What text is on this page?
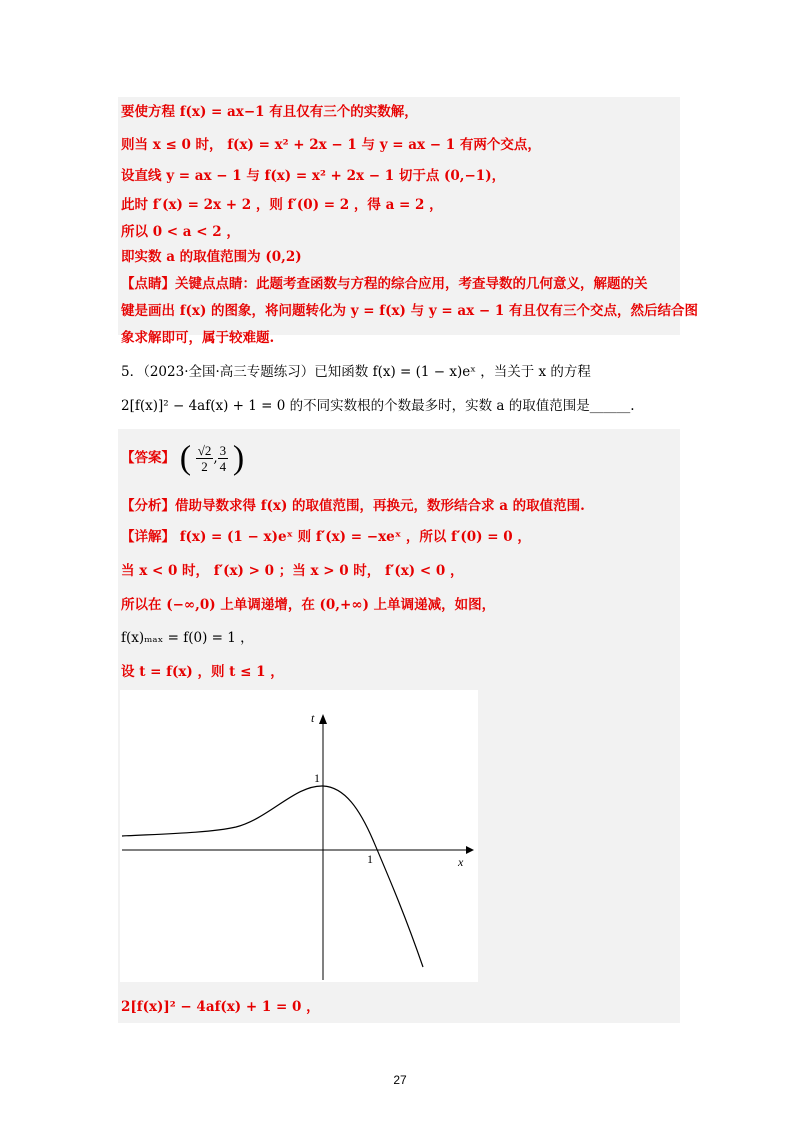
要使方程 f(x) = ax−1 有且仅有三个的实数解，
则当 x ≤ 0 时， f(x) = x² + 2x − 1 与 y = ax − 1 有两个交点，
设直线 y = ax − 1 与 f(x) = x² + 2x − 1 切于点 (0,−1)，
此时 f′(x) = 2x + 2 ，则 f′(0) = 2 ，得 a = 2 ，
所以 0 < a < 2 ，
即实数 a 的取值范围为 (0,2)
【点睛】关键点点睛：此题考查函数与方程的综合应用，考查导数的几何意义，解题的关
键是画出 f(x) 的图象，将问题转化为 y = f(x) 与 y = ax − 1 有且仅有三个交点，然后结合图
象求解即可，属于较难题.
5．（2023·全国·高三专题练习）已知函数 f(x) = (1 − x)eˣ ，当关于 x 的方程
2[f(x)]² − 4af(x) + 1 = 0 的不同实数根的个数最多时，实数 a 的取值范围是______.
【答案】 ( $\frac{√2}{2}$ , $\frac{3}{4}$ )
【分析】借助导数求得 f(x) 的取值范围，再换元，数形结合求 a 的取值范围.
【详解】 f(x) = (1 − x)eˣ 则 f′(x) = −xeˣ ，所以 f′(0) = 0 ，
当 x < 0 时， f′(x) > 0 ；当 x > 0 时， f′(x) < 0 ，
所以在 (−∞,0) 上单调递增，在 (0,+∞) 上单调递减，如图，
f(x)ₘₐₓ = f(0) = 1 ，
设 t = f(x) ，则 t ≤ 1 ，
t
x
1
1
2[f(x)]² − 4af(x) + 1 = 0 ，
27
